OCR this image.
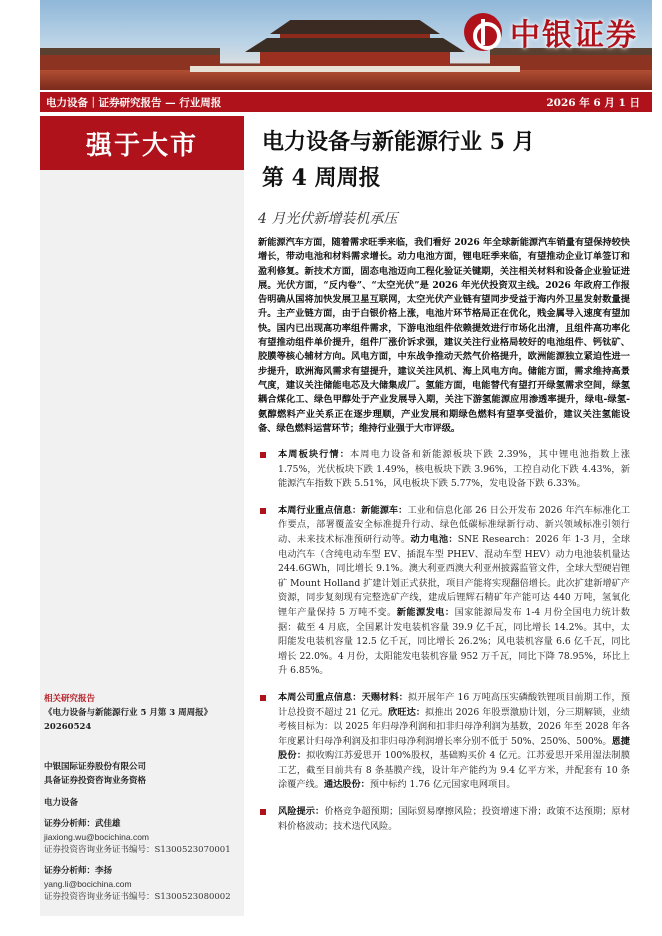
中银证券
电力设备｜证券研究报告 — 行业周报	2026 年 6 月 1 日
强于大市
相关研究报告
《电力设备与新能源行业 5 月第 3 周周报》20260524
中银国际证券股份有限公司
具备证券投资咨询业务资格
电力设备
证券分析师：武佳雄
jiaxiong.wu@bocichina.com
证券投资咨询业务证书编号：S1300523070001
证券分析师：李扬
yang.li@bocichina.com
证券投资咨询业务证书编号：S1300523080002
电力设备与新能源行业 5 月
第 4 周周报
4 月光伏新增装机承压
新能源汽车方面，随着需求旺季来临，我们看好 2026 年全球新能源汽车销量有望保持较快增长，带动电池和材料需求增长。动力电池方面，锂电旺季来临，有望推动企业订单签订和盈利修复。新技术方面，固态电池迈向工程化验证关键期，关注相关材料和设备企业验证进展。光伏方面，“反内卷”、“太空光伏”是 2026 年光伏投资双主线。2026 年政府工作报告明确从国将加快发展卫星互联网，太空光伏产业链有望同步受益于海内外卫星发射数量提升。主产业链方面，由于白银价格上涨，电池片环节格局正在优化，贱金属导入速度有望加快。国内已出现高功率组件需求，下游电池组件依赖提效进行市场化出清，且组件高功率化有望推动组件单价提升，组件厂涨价诉求强，建议关注行业格局较好的电池组件、钙钛矿、胶膜等核心辅材方向。风电方面，中东战争推动天然气价格提升，欧洲能源独立紧迫性进一步提升，欧洲海风需求有望提升，建议关注风机、海上风电方向。储能方面，需求维持高景气度，建议关注储能电芯及大储集成厂。氢能方面，电能替代有望打开绿氢需求空间，绿氢耦合煤化工、绿色甲醇处于产业发展导入期，关注下游氢能源应用渗透率提升，绿电-绿氢-氨醇燃料产业关系正在逐步理顺，产业发展和期绿色燃料有望享受溢价，建议关注氢能设备、绿色燃料运营环节；维持行业强于大市评级。
本周板块行情：本周电力设备和新能源板块下跌 2.39%，其中锂电池指数上涨 1.75%，光伏板块下跌 1.49%，核电板块下跌 3.96%，工控自动化下跌 4.43%，新能源汽车指数下跌 5.51%，风电板块下跌 5.77%，发电设备下跌 6.33%。
本周行业重点信息：新能源车：工业和信息化部 26 日公开发布 2026 年汽车标准化工作要点，部署覆盖安全标准提升行动、绿色低碳标准绿新行动、新兴领域标准引领行动、未来技术标准预研行动等。动力电池：SNE Research：2026 年 1-3 月，全球电动汽车（含纯电动车型 EV、插混车型 PHEV、混动车型 HEV）动力电池装机量达 244.6GWh，同比增长 9.1%。澳大利亚西澳大利亚州披露监管文件，全球大型硬岩锂矿 Mount Holland 扩建计划正式获批，项目产能将实现翻倍增长。此次扩建新增矿产资源，同步复刻现有完整选矿产线，建成后锂辉石精矿年产能可达 440 万吨，氢氧化锂年产量保持 5 万吨不变。新能源发电：国家能源局发布 1-4 月份全国电力统计数据：截至 4 月底，全国累计发电装机容量 39.9 亿千瓦，同比增长 14.2%。其中，太阳能发电装机容量 12.5 亿千瓦，同比增长 26.2%；风电装机容量 6.6 亿千瓦，同比增长 22.0%。4 月份，太阳能发电装机容量 952 万千瓦，同比下降 78.95%，环比上升 6.85%。
本周公司重点信息：天赐材料：拟开展年产 16 万吨高压实磷酸铁锂项目前期工作，预计总投资不超过 21 亿元。欣旺达：拟推出 2026 年股票激励计划，分三期解锁，业绩考核目标为：以 2025 年归母净利润和扣非归母净利润为基数，2026 年至 2028 年各年度累计归母净利润及扣非归母净利润增长率分别不低于 50%、250%、500%。恩捷股份：拟收购江苏爱思开 100%股权，基础购买价 4 亿元。江苏爱思开采用湿法制膜工艺，截至目前共有 8 条基膜产线，设计年产能约为 9.4 亿平方米，并配套有 10 条涂覆产线。通达股份：预中标约 1.76 亿元国家电网项目。
风险提示：价格竞争超预期；国际贸易摩擦风险；投资增速下滑；政策不达预期；原材料价格波动；技术迭代风险。
